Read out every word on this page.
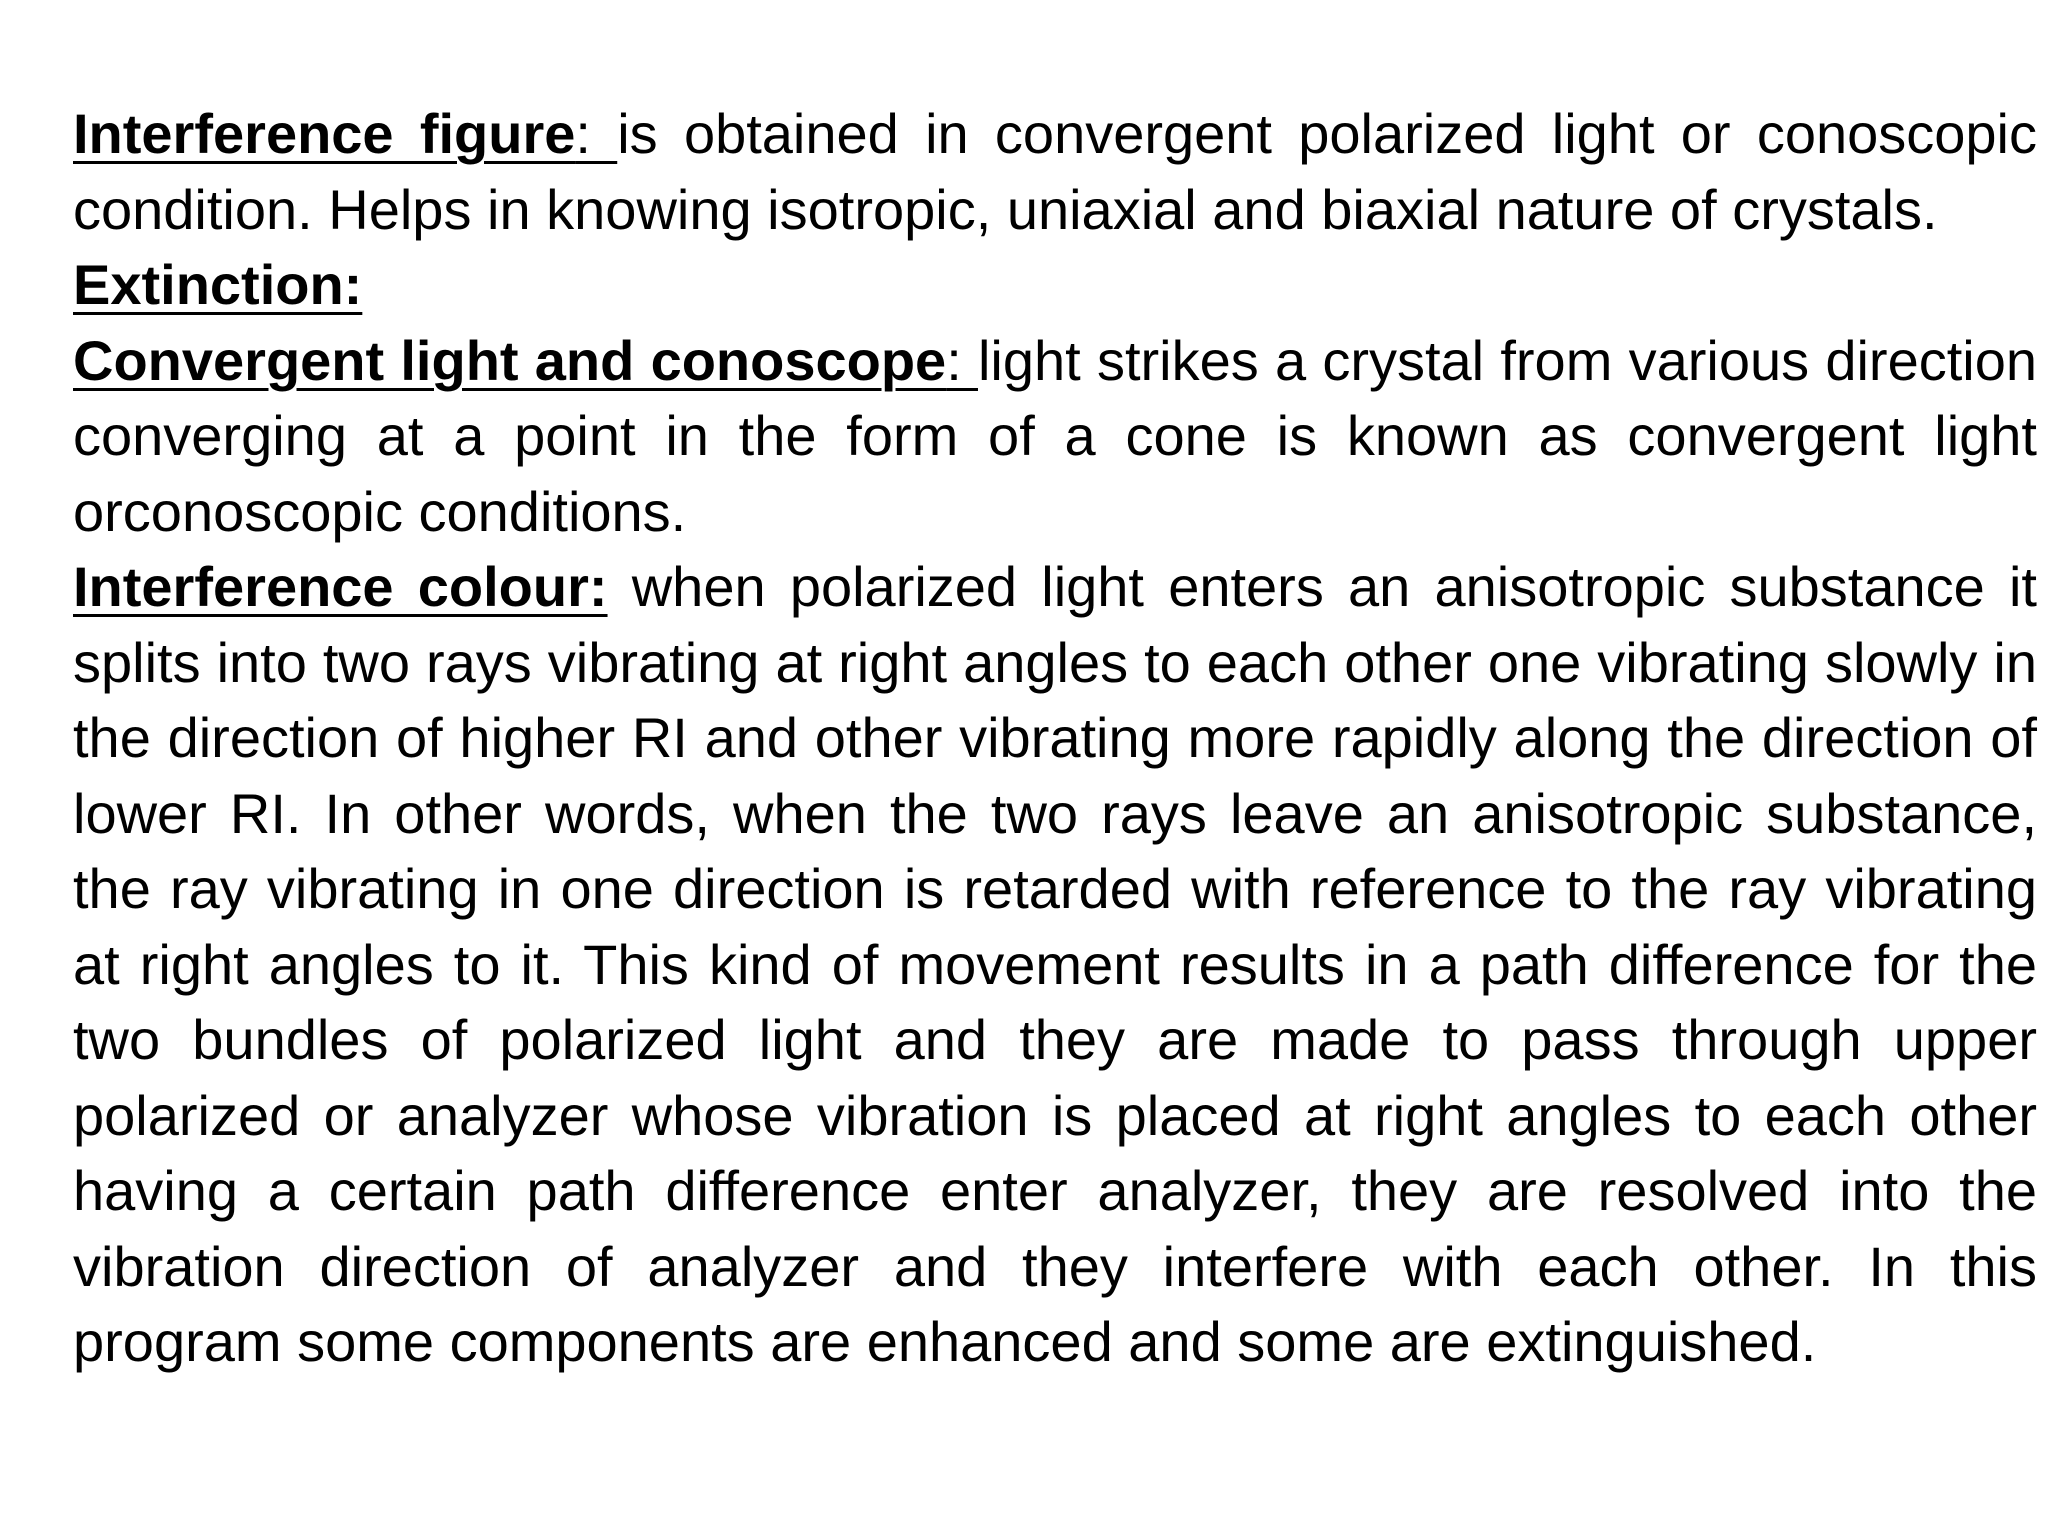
Interference figure: is obtained in convergent polarized light or conoscopic condition. Helps in knowing isotropic, uniaxial and biaxial nature of crystals.

Extinction:

Convergent light and conoscope: light strikes a crystal from various direction converging at a point in the form of a cone is known as convergent light orconoscopic conditions.

Interference colour: when polarized light enters an anisotropic substance it splits into two rays vibrating at right angles to each other one vibrating slowly in the direction of higher RI and other vibrating more rapidly along the direction of lower RI. In other words, when the two rays leave an anisotropic substance, the ray vibrating in one direction is retarded with reference to the ray vibrating at right angles to it. This kind of movement results in a path difference for the two bundles of polarized light and they are made to pass through upper polarized or analyzer whose vibration is placed at right angles to each other having a certain path difference enter analyzer, they are resolved into the vibration direction of analyzer and they interfere with each other. In this program some components are enhanced and some are extinguished.
